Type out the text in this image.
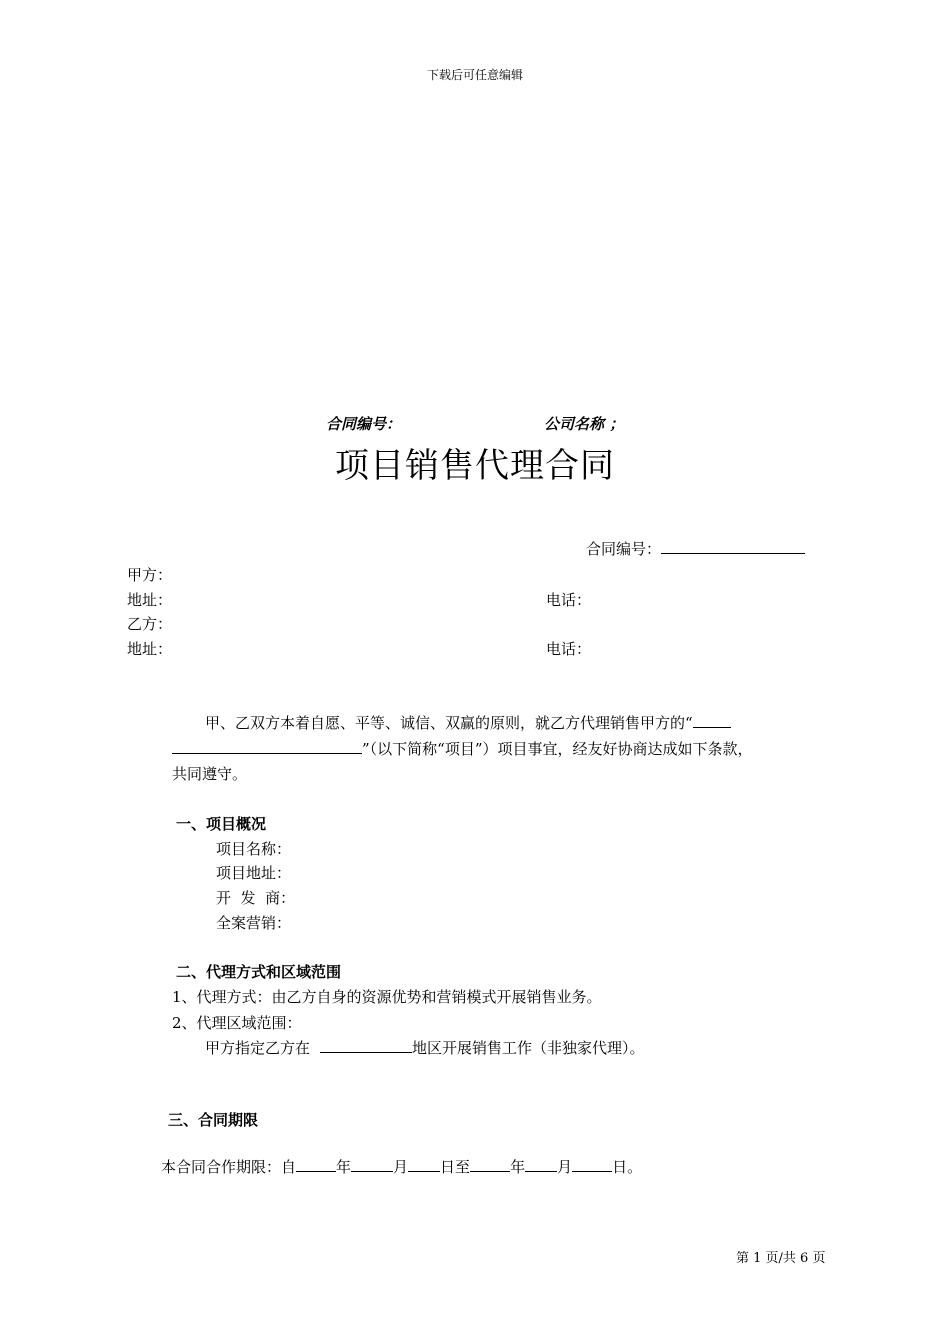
下载后可任意编辑
合同编号：	公司名称 ；
项目销售代理合同
合同编号：
甲方：
地址：	电话：
乙方：
地址：	电话：
甲、乙双方本着自愿、平等、诚信、双赢的原则，就乙方代理销售甲方的“
”（以下简称“项目”）项目事宜，经友好协商达成如下条款，
共同遵守。
一、项目概况
项目名称：
项目地址：
开  发  商：
全案营销：
二、代理方式和区域范围
1、代理方式：由乙方自身的资源优势和营销模式开展销售业务。
2、代理区域范围：
甲方指定乙方在	地区开展销售工作（非独家代理）。
三、合同期限
本合同合作期限：自	年	月 日至	年 月	日。
第 1 页/共 6 页
